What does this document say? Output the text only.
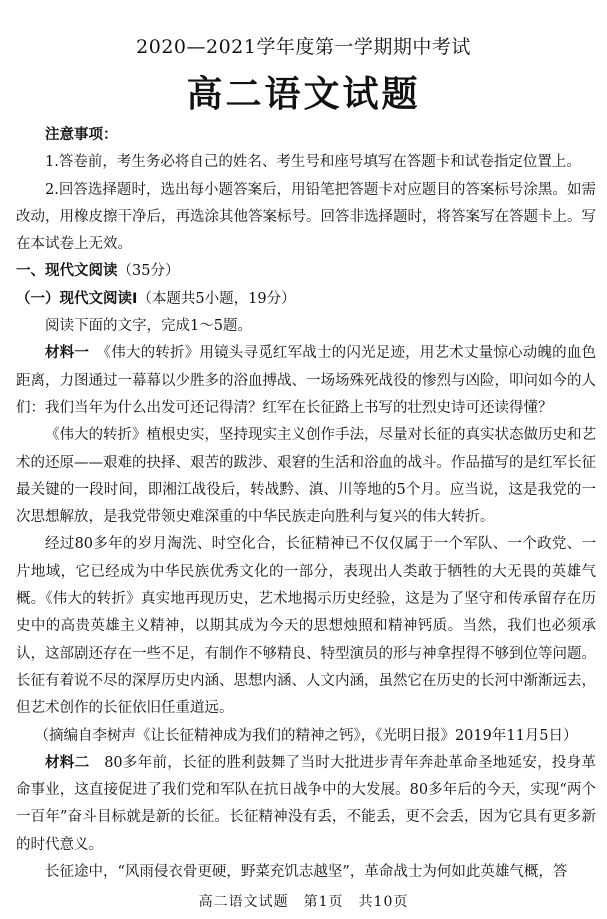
2020—2021学年度第一学期期中考试
高二语文试题

注意事项：

1.答卷前，考生务必将自己的姓名、考生号和座号填写在答题卡和试卷指定位置上。

2.回答选择题时，选出每小题答案后，用铅笔把答题卡对应题目的答案标号涂黑。如需改动，用橡皮擦干净后，再选涂其他答案标号。回答非选择题时，将答案写在答题卡上。写在本试卷上无效。

一、现代文阅读（35分）

（一）现代文阅读Ⅰ（本题共5小题，19分）

阅读下面的文字，完成1～5题。

材料一　 《伟大的转折》用镜头寻觅红军战士的闪光足迹，用艺术丈量惊心动魄的血色距离，力图通过一幕幕以少胜多的浴血搏战、一场场殊死战役的惨烈与凶险，叩问如今的人们：我们当年为什么出发可还记得清？红军在长征路上书写的壮烈史诗可还读得懂？

《伟大的转折》植根史实，坚持现实主义创作手法，尽量对长征的真实状态做历史和艺术的还原——艰难的抉择、艰苦的跋涉、艰窘的生活和浴血的战斗。作品描写的是红军长征最关键的一段时间，即湘江战役后，转战黔、滇、川等地的5个月。应当说，这是我党的一次思想解放，是我党带领史难深重的中华民族走向胜利与复兴的伟大转折。

经过80多年的岁月淘洗、时空化合，长征精神已不仅仅属于一个军队、一个政党、一片地域，它已经成为中华民族优秀文化的一部分，表现出人类敢于牺牲的大无畏的英雄气概。《伟大的转折》真实地再现历史，艺术地揭示历史经验，这是为了坚守和传承留存在历史中的高贵英雄主义精神，以期其成为今天的思想烛照和精神钙质。当然，我们也必须承认，这部剧还存在一些不足，有制作不够精良、特型演员的形与神拿捏得不够到位等问题。长征有着说不尽的深厚历史内涵、思想内涵、人文内涵，虽然它在历史的长河中渐渐远去，但艺术创作的长征依旧任重道远。

（摘编自李树声《让长征精神成为我们的精神之钙》，《光明日报》2019年11月5日）

材料二　 80多年前，长征的胜利鼓舞了当时大批进步青年奔赴革命圣地延安，投身革命事业，这直接促进了我们党和军队在抗日战争中的大发展。80多年后的今天，实现“两个一百年”奋斗目标就是新的长征。长征精神没有丢，不能丢，更不会丢，因为它具有更多新的时代意义。

长征途中，“风雨侵衣骨更硬，野菜充饥志越坚”，革命战士为何如此英雄气概，答

高二语文试题　第1页　共10页
